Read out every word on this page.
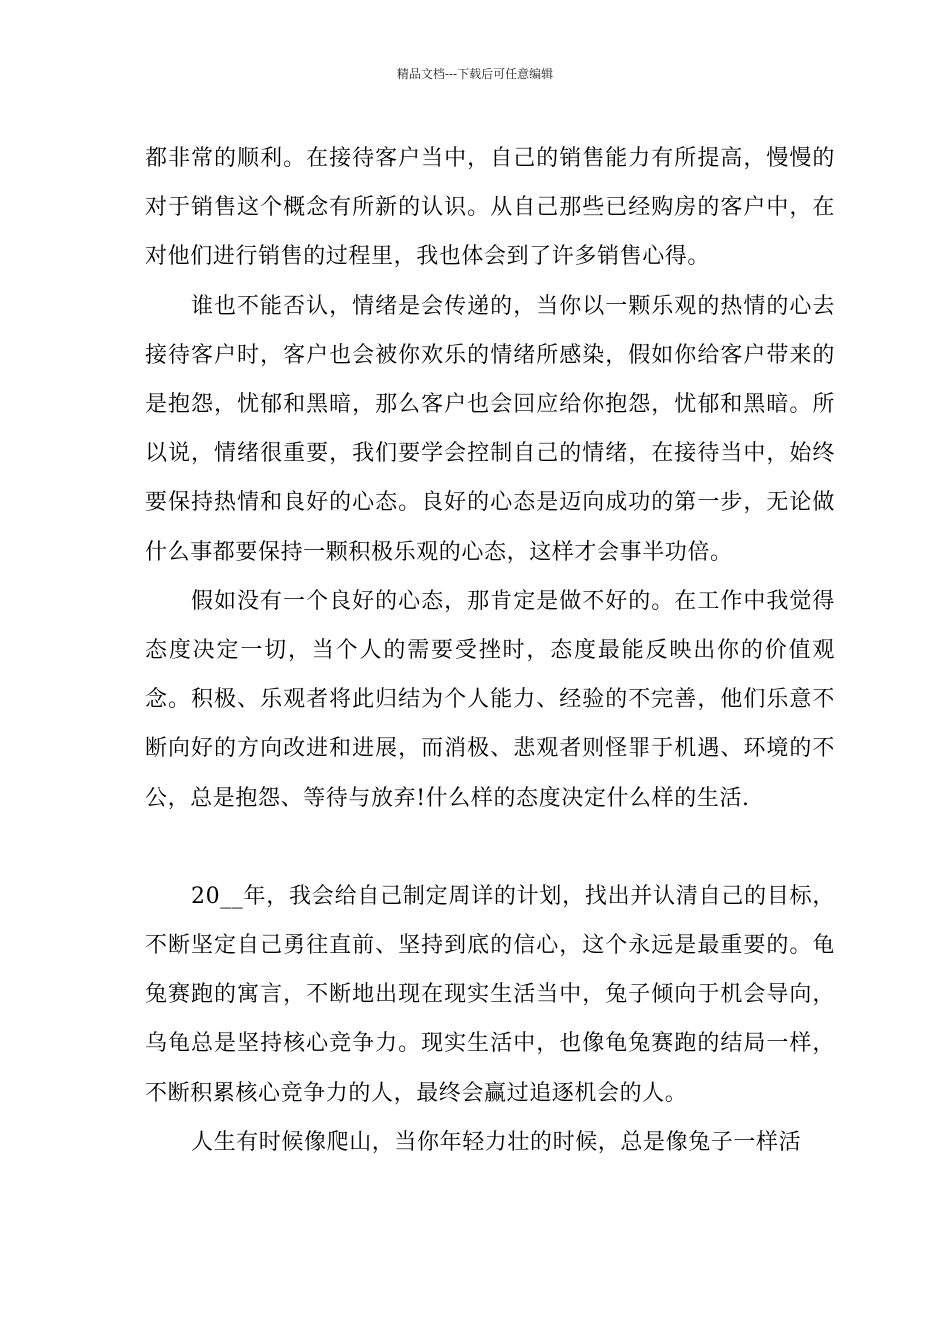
精品文档---下载后可任意编辑

都非常的顺利。在接待客户当中，自己的销售能力有所提高，慢慢的对于销售这个概念有所新的认识。从自己那些已经购房的客户中，在对他们进行销售的过程里，我也体会到了许多销售心得。

谁也不能否认，情绪是会传递的，当你以一颗乐观的热情的心去接待客户时，客户也会被你欢乐的情绪所感染，假如你给客户带来的是抱怨，忧郁和黑暗，那么客户也会回应给你抱怨，忧郁和黑暗。所以说，情绪很重要，我们要学会控制自己的情绪，在接待当中，始终要保持热情和良好的心态。良好的心态是迈向成功的第一步，无论做什么事都要保持一颗积极乐观的心态，这样才会事半功倍。

假如没有一个良好的心态，那肯定是做不好的。在工作中我觉得态度决定一切，当个人的需要受挫时，态度最能反映出你的价值观念。积极、乐观者将此归结为个人能力、经验的不完善，他们乐意不断向好的方向改进和进展，而消极、悲观者则怪罪于机遇、环境的不公，总是抱怨、等待与放弃!什么样的态度决定什么样的生活.

20__年，我会给自己制定周详的计划，找出并认清自己的目标，不断坚定自己勇往直前、坚持到底的信心，这个永远是最重要的。龟兔赛跑的寓言，不断地出现在现实生活当中，兔子倾向于机会导向，乌龟总是坚持核心竞争力。现实生活中，也像龟兔赛跑的结局一样，不断积累核心竞争力的人，最终会赢过追逐机会的人。

人生有时候像爬山，当你年轻力壮的时候，总是像兔子一样活
